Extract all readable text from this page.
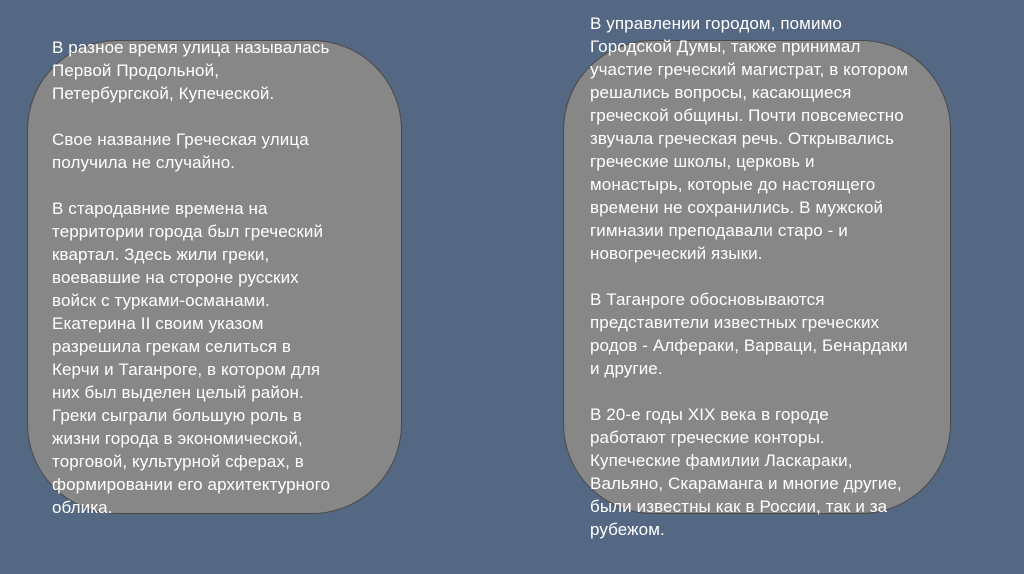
В разное время улица называлась
Первой Продольной,
Петербургской, Купеческой.

Свое название Греческая улица
получила не случайно.

В стародавние времена на
территории города был греческий
квартал. Здесь жили греки,
воевавшие на стороне русских
войск с турками-османами.
Екатерина II своим указом
разрешила грекам селиться в
Керчи и Таганроге, в котором для
них был выделен целый район.
Греки сыграли большую роль в
жизни города в экономической,
торговой, культурной сферах, в
формировании его архитектурного
облика.

В управлении городом, помимо
Городской Думы, также принимал
участие греческий магистрат, в котором
решались вопросы, касающиеся
греческой общины. Почти повсеместно
звучала греческая речь. Открывались
греческие школы, церковь и
монастырь, которые до настоящего
времени не сохранились. В мужской
гимназии преподавали старо - и
новогреческий языки.

В Таганроге обосновываются
представители известных греческих
родов - Алфераки, Варваци, Бенардаки
и другие.

В 20-е годы XIX века в городе
работают греческие конторы.
Купеческие фамилии Ласкараки,
Вальяно, Скараманга и многие другие,
были известны как в России, так и за
рубежом.
